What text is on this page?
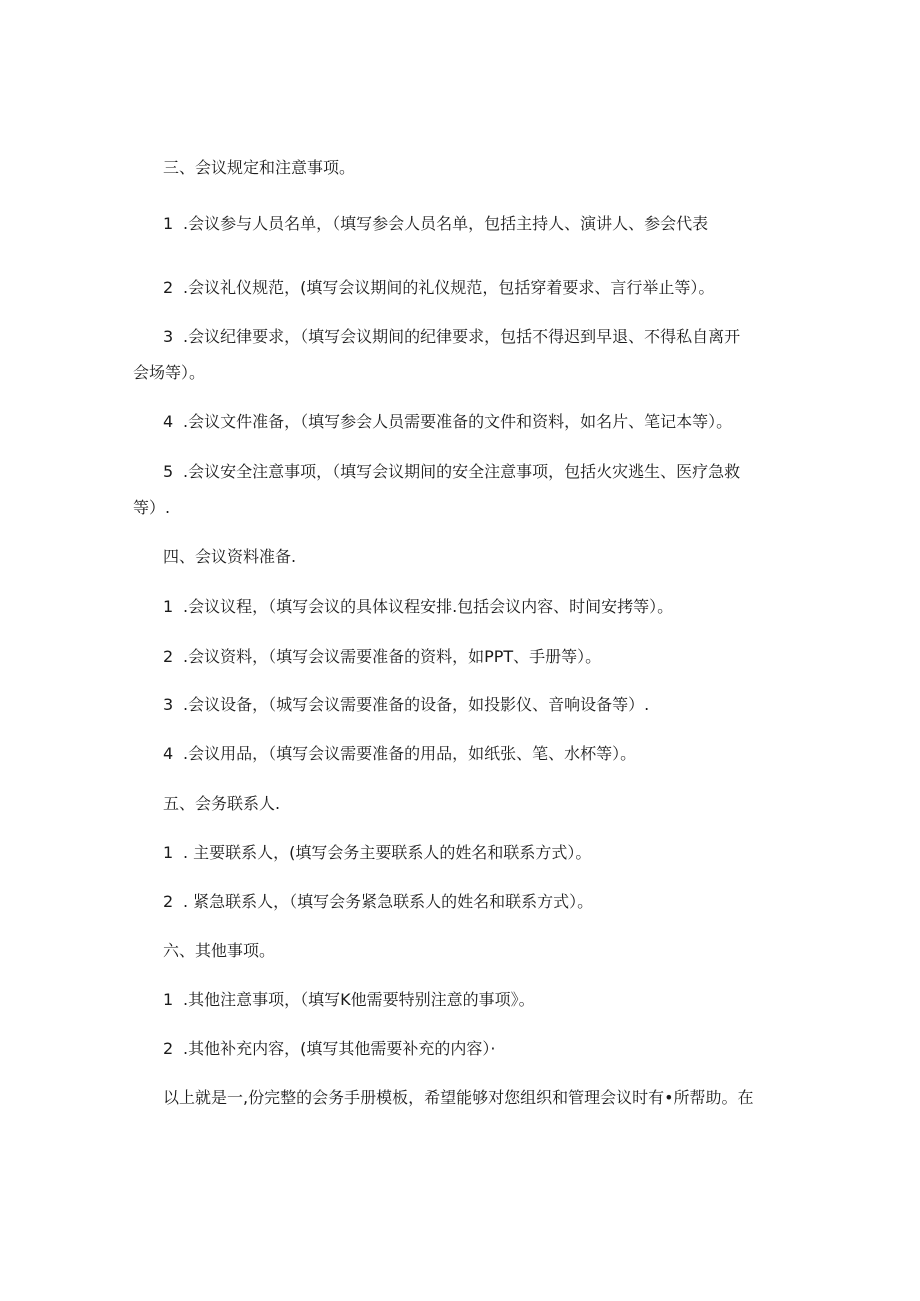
三、会议规定和注意事项。
1 .会议参与人员名单，（填写参会人员名单，包括主持人、演讲人、参会代表
2 .会议礼仪规范，(填写会议期间的礼仪规范，包括穿着要求、言行举止等）。
3 .会议纪律要求，（填写会议期间的纪律要求，包括不得迟到早退、不得私自离开
会场等）。
4 .会议文件准备，（填写参会人员需要准备的文件和资料，如名片、笔记本等）。
5 .会议安全注意事项，（填写会议期间的安全注意事项，包括火灾逃生、医疗急救
等）.
四、会议资料准备.
1 .会议议程，（填写会议的具体议程安排.包括会议内容、时间安拷等）。
2 .会议资料，（填写会议需要准备的资料，如PPT、手册等）。
3 .会议设备，（城写会议需要准备的设备，如投影仪、音响设备等）.
4 .会议用品，（填写会议需要准备的用品，如纸张、笔、水杯等）。
五、会务联系人.
1 . 主要联系人，(填写会务主要联系人的姓名和联系方式）。
2 . 紧急联系人，（填写会务紧急联系人的姓名和联系方式）。
六、其他事项。
1 .其他注意事项，（填写K他需要特别注意的事项》。
2 .其他补充内容，(填写其他需要补充的内容）·
以上就是一,份完整的会务手册模板，希望能够对您组织和管理会议时有•所帮助。在
